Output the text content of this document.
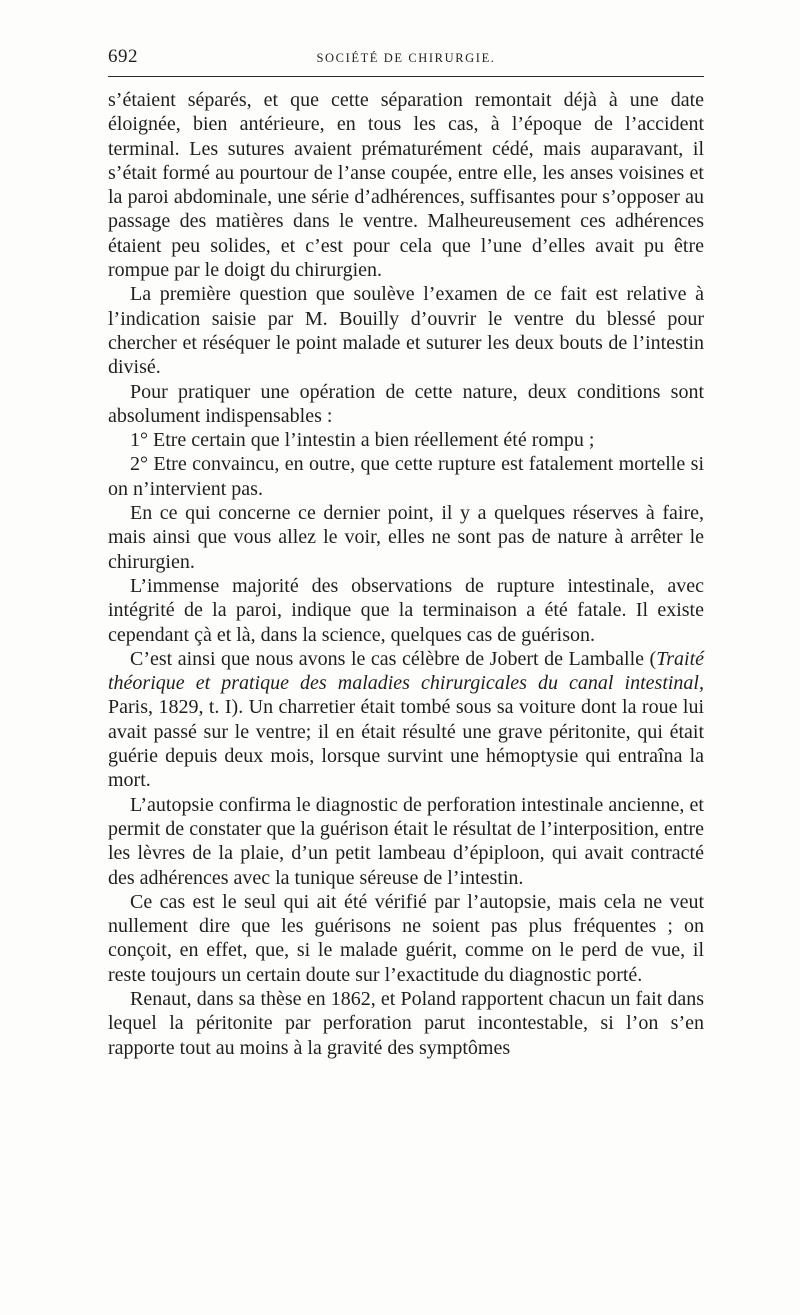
692	SOCIÉTÉ DE CHIRURGIE.

s’étaient séparés, et que cette séparation remontait déjà à une date éloignée, bien antérieure, en tous les cas, à l’époque de l’accident terminal. Les sutures avaient prématurément cédé, mais auparavant, il s’était formé au pourtour de l’anse coupée, entre elle, les anses voisines et la paroi abdominale, une série d’adhérences, suffisantes pour s’opposer au passage des matières dans le ventre. Malheureusement ces adhérences étaient peu solides, et c’est pour cela que l’une d’elles avait pu être rompue par le doigt du chirurgien.

La première question que soulève l’examen de ce fait est relative à l’indication saisie par M. Bouilly d’ouvrir le ventre du blessé pour chercher et réséquer le point malade et suturer les deux bouts de l’intestin divisé.

Pour pratiquer une opération de cette nature, deux conditions sont absolument indispensables :

1° Etre certain que l’intestin a bien réellement été rompu ;

2° Etre convaincu, en outre, que cette rupture est fatalement mortelle si on n’intervient pas.

En ce qui concerne ce dernier point, il y a quelques réserves à faire, mais ainsi que vous allez le voir, elles ne sont pas de nature à arrêter le chirurgien.

L’immense majorité des observations de rupture intestinale, avec intégrité de la paroi, indique que la terminaison a été fatale. Il existe cependant çà et là, dans la science, quelques cas de guérison.

C’est ainsi que nous avons le cas célèbre de Jobert de Lamballe (Traité théorique et pratique des maladies chirurgicales du canal intestinal, Paris, 1829, t. I). Un charretier était tombé sous sa voiture dont la roue lui avait passé sur le ventre; il en était résulté une grave péritonite, qui était guérie depuis deux mois, lorsque survint une hémoptysie qui entraîna la mort.

L’autopsie confirma le diagnostic de perforation intestinale ancienne, et permit de constater que la guérison était le résultat de l’interposition, entre les lèvres de la plaie, d’un petit lambeau d’épiploon, qui avait contracté des adhérences avec la tunique séreuse de l’intestin.

Ce cas est le seul qui ait été vérifié par l’autopsie, mais cela ne veut nullement dire que les guérisons ne soient pas plus fréquentes ; on conçoit, en effet, que, si le malade guérit, comme on le perd de vue, il reste toujours un certain doute sur l’exactitude du diagnostic porté.

Renaut, dans sa thèse en 1862, et Poland rapportent chacun un fait dans lequel la péritonite par perforation parut incontestable, si l’on s’en rapporte tout au moins à la gravité des symptômes
